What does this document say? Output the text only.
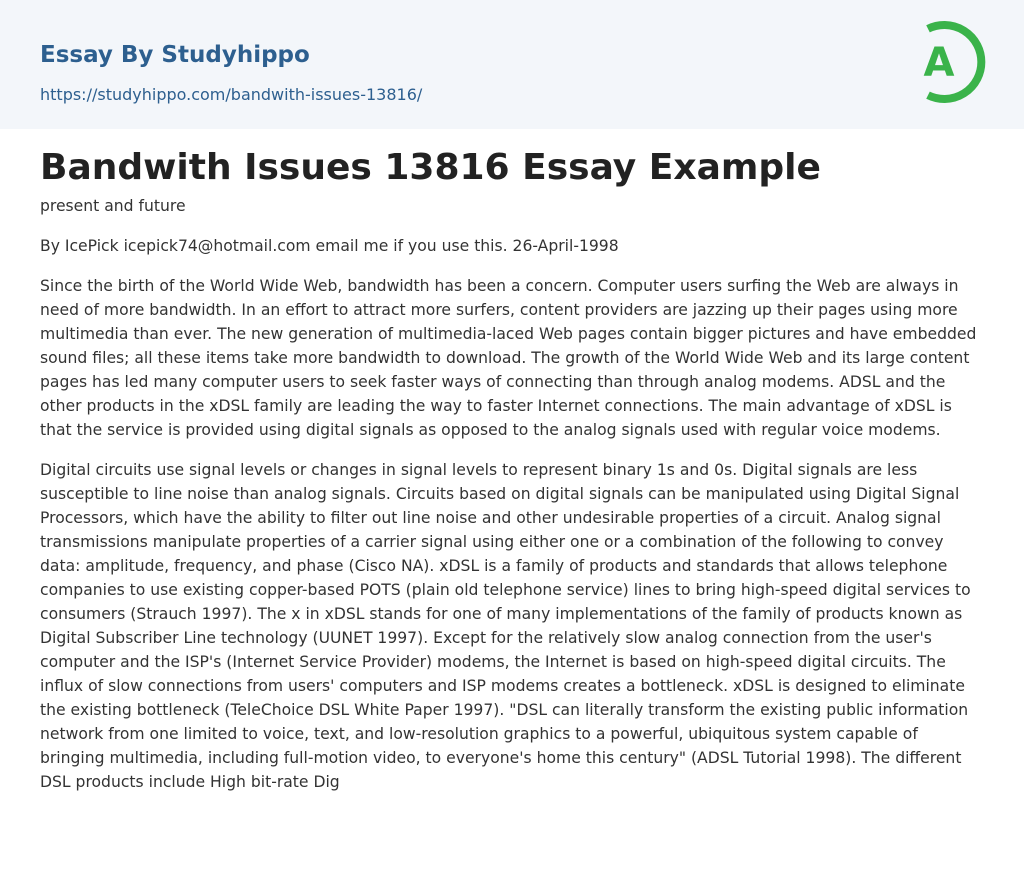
Essay By Studyhippo
https://studyhippo.com/bandwith-issues-13816/
A
Bandwith Issues 13816 Essay Example

present and future

By IcePick icepick74@hotmail.com email me if you use this. 26-April-1998

Since the birth of the World Wide Web, bandwidth has been a concern. Computer users surfing the Web are always in need of more bandwidth. In an effort to attract more surfers, content providers are jazzing up their pages using more multimedia than ever. The new generation of multimedia-laced Web pages contain bigger pictures and have embedded sound files; all these items take more bandwidth to download. The growth of the World Wide Web and its large content pages has led many computer users to seek faster ways of connecting than through analog modems. ADSL and the other products in the xDSL family are leading the way to faster Internet connections. The main advantage of xDSL is that the service is provided using digital signals as opposed to the analog signals used with regular voice modems.

Digital circuits use signal levels or changes in signal levels to represent binary 1s and 0s. Digital signals are less susceptible to line noise than analog signals. Circuits based on digital signals can be manipulated using Digital Signal Processors, which have the ability to filter out line noise and other undesirable properties of a circuit. Analog signal transmissions manipulate properties of a carrier signal using either one or a combination of the following to convey data: amplitude, frequency, and phase (Cisco NA). xDSL is a family of products and standards that allows telephone companies to use existing copper-based POTS (plain old telephone service) lines to bring high-speed digital services to consumers (Strauch 1997). The x in xDSL stands for one of many implementations of the family of products known as Digital Subscriber Line technology (UUNET 1997). Except for the relatively slow analog connection from the user's computer and the ISP's (Internet Service Provider) modems, the Internet is based on high-speed digital circuits. The influx of slow connections from users' computers and ISP modems creates a bottleneck. xDSL is designed to eliminate the existing bottleneck (TeleChoice DSL White Paper 1997). "DSL can literally transform the existing public information network from one limited to voice, text, and low-resolution graphics to a powerful, ubiquitous system capable of bringing multimedia, including full-motion video, to everyone's home this century" (ADSL Tutorial 1998). The different DSL products include High bit-rate Dig
